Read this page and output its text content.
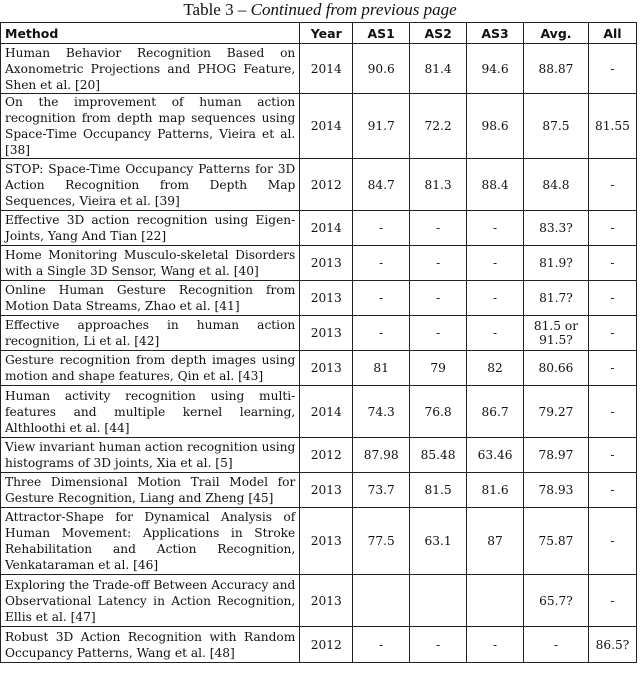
Table 3 – Continued from previous page
Method	Year	AS1	AS2	AS3	Avg.	All
Human Behavior Recognition Based on Axonometric Projections and PHOG Feature, Shen et al. [20]	2014	90.6	81.4	94.6	88.87	-
On the improvement of human action recognition from depth map sequences using Space-Time Occupancy Patterns, Vieira et al. [38]	2014	91.7	72.2	98.6	87.5	81.55
STOP: Space-Time Occupancy Patterns for 3D Action Recognition from Depth Map Sequences, Vieira et al. [39]	2012	84.7	81.3	88.4	84.8	-
Effective 3D action recognition using Eigen-Joints, Yang And Tian [22]	2014	-	-	-	83.3?	-
Home Monitoring Musculo-skeletal Disorders with a Single 3D Sensor, Wang et al. [40]	2013	-	-	-	81.9?	-
Online Human Gesture Recognition from Motion Data Streams, Zhao et al. [41]	2013	-	-	-	81.7?	-
Effective approaches in human action recognition, Li et al. [42]	2013	-	-	-	81.5 or 91.5?	-
Gesture recognition from depth images using motion and shape features, Qin et al. [43]	2013	81	79	82	80.66	-
Human activity recognition using multi-features and multiple kernel learning, Althloothi et al. [44]	2014	74.3	76.8	86.7	79.27	-
View invariant human action recognition using histograms of 3D joints, Xia et al. [5]	2012	87.98	85.48	63.46	78.97	-
Three Dimensional Motion Trail Model for Gesture Recognition, Liang and Zheng [45]	2013	73.7	81.5	81.6	78.93	-
Attractor-Shape for Dynamical Analysis of Human Movement: Applications in Stroke Rehabilitation and Action Recognition, Venkataraman et al. [46]	2013	77.5	63.1	87	75.87	-
Exploring the Trade-off Between Accuracy and Observational Latency in Action Recognition, Ellis et al. [47]	2013				65.7?	-
Robust 3D Action Recognition with Random Occupancy Patterns, Wang et al. [48]	2012	-	-	-	-	86.5?
